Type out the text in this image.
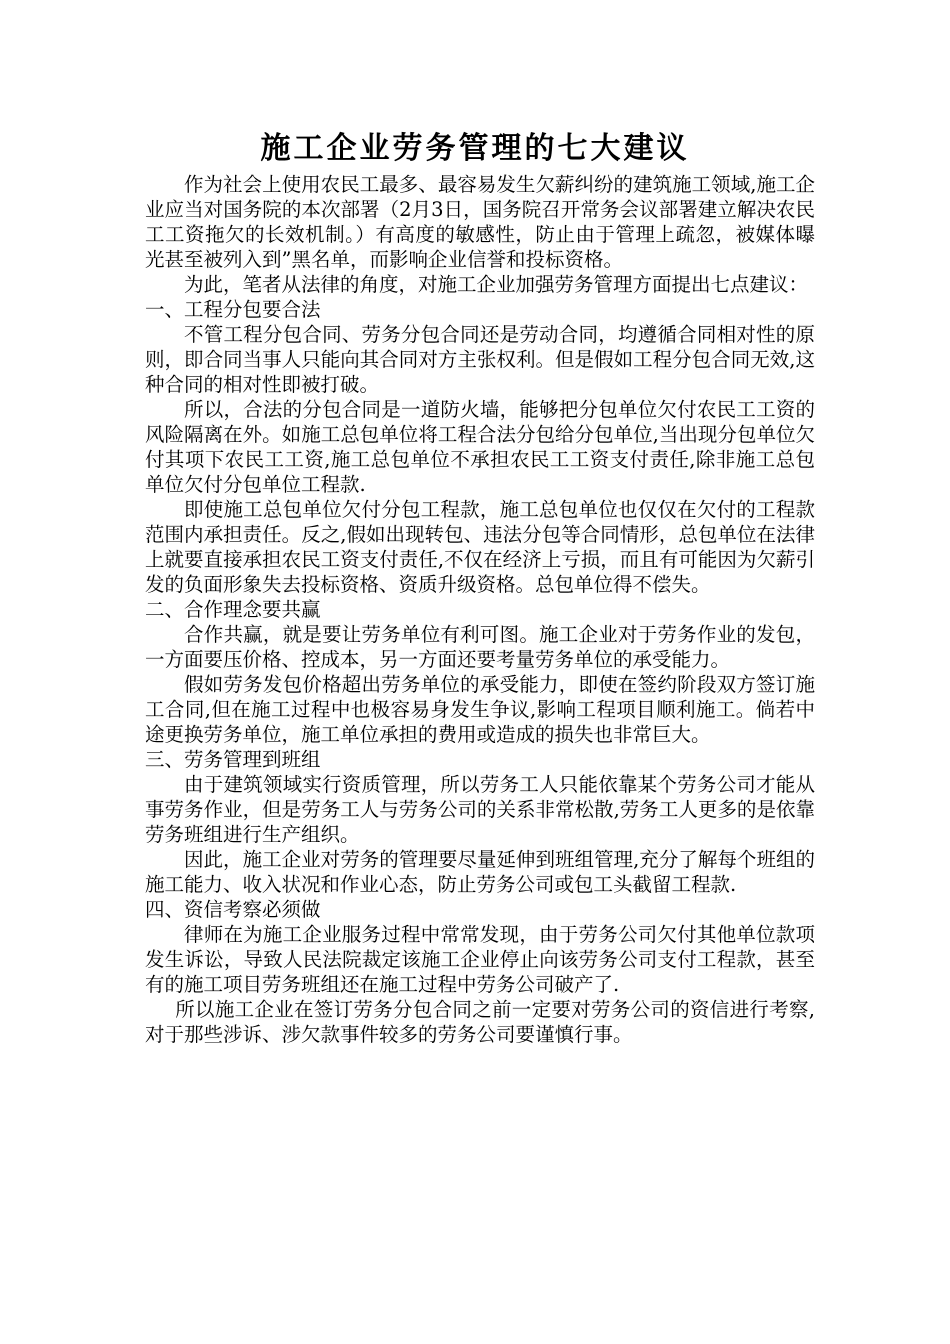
施工企业劳务管理的七大建议

作为社会上使用农民工最多、最容易发生欠薪纠纷的建筑施工领域,施工企业应当对国务院的本次部署（2月3日，国务院召开常务会议部署建立解决农民工工资拖欠的长效机制。）有高度的敏感性，防止由于管理上疏忽，被媒体曝光甚至被列入到”黑名单，而影响企业信誉和投标资格。

为此，笔者从法律的角度，对施工企业加强劳务管理方面提出七点建议：

一、工程分包要合法

不管工程分包合同、劳务分包合同还是劳动合同，均遵循合同相对性的原则，即合同当事人只能向其合同对方主张权利。但是假如工程分包合同无效,这种合同的相对性即被打破。

所以，合法的分包合同是一道防火墙，能够把分包单位欠付农民工工资的风险隔离在外。如施工总包单位将工程合法分包给分包单位,当出现分包单位欠付其项下农民工工资,施工总包单位不承担农民工工资支付责任,除非施工总包单位欠付分包单位工程款.

即使施工总包单位欠付分包工程款，施工总包单位也仅仅在欠付的工程款范围内承担责任。反之,假如出现转包、违法分包等合同情形，总包单位在法律上就要直接承担农民工资支付责任,不仅在经济上亏损，而且有可能因为欠薪引发的负面形象失去投标资格、资质升级资格。总包单位得不偿失。

二、合作理念要共赢

合作共赢，就是要让劳务单位有利可图。施工企业对于劳务作业的发包，一方面要压价格、控成本，另一方面还要考量劳务单位的承受能力。

假如劳务发包价格超出劳务单位的承受能力，即使在签约阶段双方签订施工合同,但在施工过程中也极容易身发生争议,影响工程项目顺利施工。倘若中途更换劳务单位，施工单位承担的费用或造成的损失也非常巨大。

三、劳务管理到班组

由于建筑领域实行资质管理，所以劳务工人只能依靠某个劳务公司才能从事劳务作业，但是劳务工人与劳务公司的关系非常松散,劳务工人更多的是依靠劳务班组进行生产组织。

因此，施工企业对劳务的管理要尽量延伸到班组管理,充分了解每个班组的施工能力、收入状况和作业心态，防止劳务公司或包工头截留工程款.

四、资信考察必须做

律师在为施工企业服务过程中常常发现，由于劳务公司欠付其他单位款项发生诉讼，导致人民法院裁定该施工企业停止向该劳务公司支付工程款，甚至有的施工项目劳务班组还在施工过程中劳务公司破产了.

所以施工企业在签订劳务分包合同之前一定要对劳务公司的资信进行考察,对于那些涉诉、涉欠款事件较多的劳务公司要谨慎行事。
